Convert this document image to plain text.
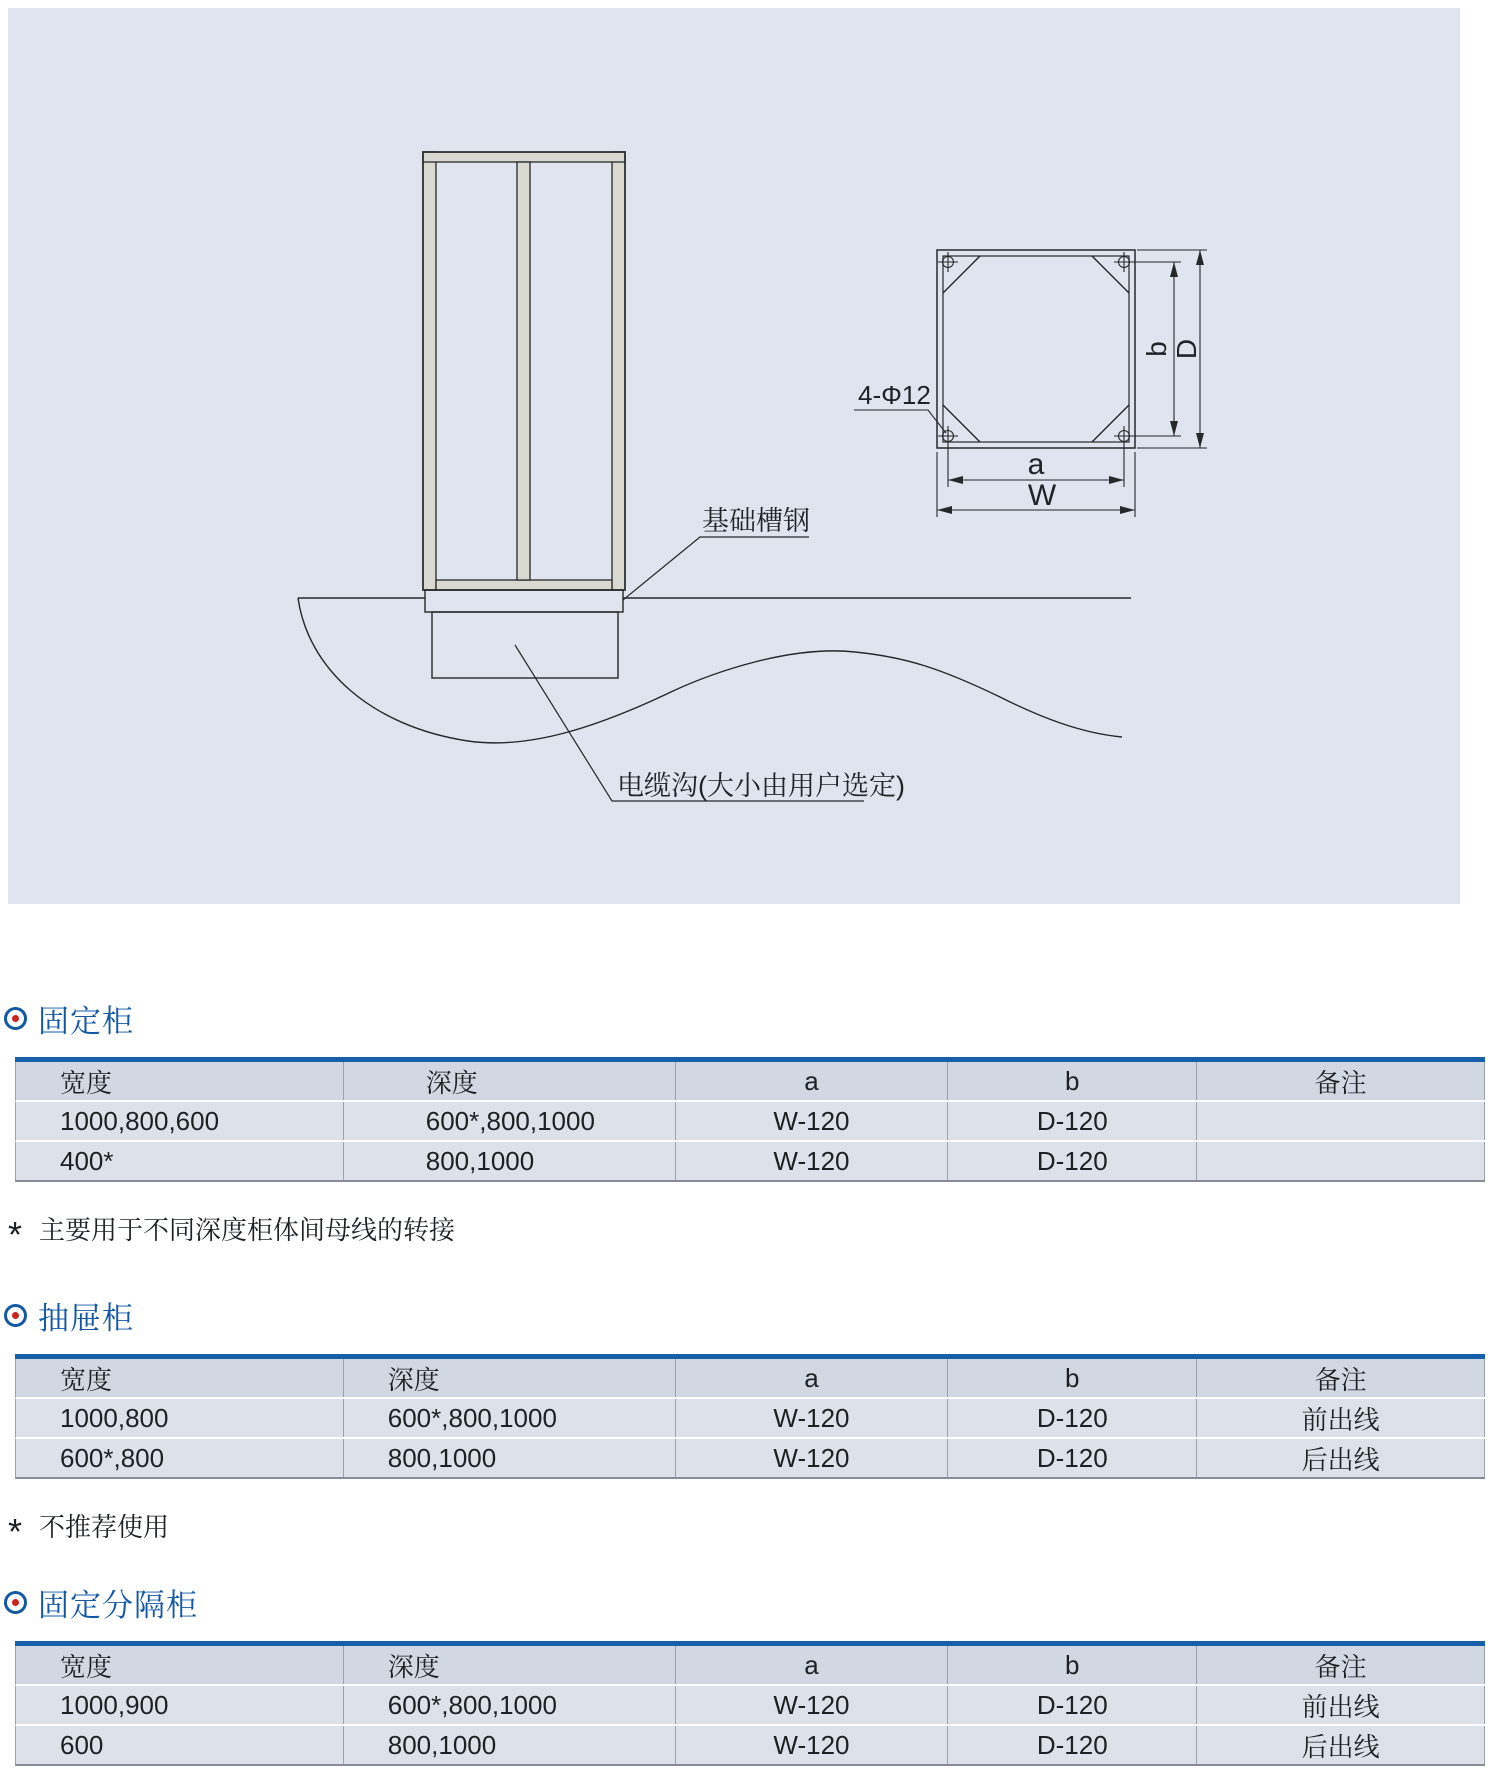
基础槽钢
电缆沟(大小由用户选定)
a
W
b D
4-Φ12
固定柜
宽度	深度	a	b	备注
1000,800,600	600*,800,1000	W-120	D-120
400*	800,1000	W-120	D-120
* 主要用于不同深度柜体间母线的转接
抽屉柜
宽度	深度	a	b	备注
1000,800	600*,800,1000	W-120	D-120	前出线
600*,800	800,1000	W-120	D-120	后出线
* 不推荐使用
固定分隔柜
宽度	深度	a	b	备注
1000,900	600*,800,1000	W-120	D-120	前出线
600	800,1000	W-120	D-120	后出线
